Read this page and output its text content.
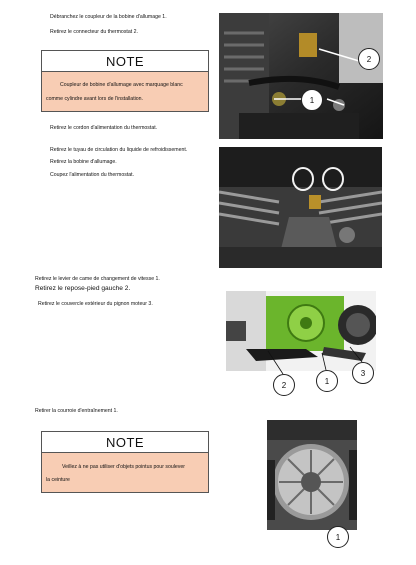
Débranchez le coupleur de la bobine d'allumage 1.
Retirez le connecteur du thermostat 2.
NOTE
Coupleur de bobine d'allumage avec marquage blanc
comme cylindre avant lors de l'installation.
2
1
Retirez le cordon d'alimentation du thermostat.
Retirez le tuyau de circulation du liquide de refroidissement.
Retirez la bobine d'allumage.
Coupez l'alimentation du thermostat.
Retirez le levier de came de changement de vitesse 1.
Retirez le repose-pied gauche 2.
Retirez le couvercle extérieur du pignon moteur 3.
2	1
3
Retirer la courroie d'entraînement 1.
NOTE
Veillez à ne pas utiliser d'objets pointus pour soulever
la ceinture
1
